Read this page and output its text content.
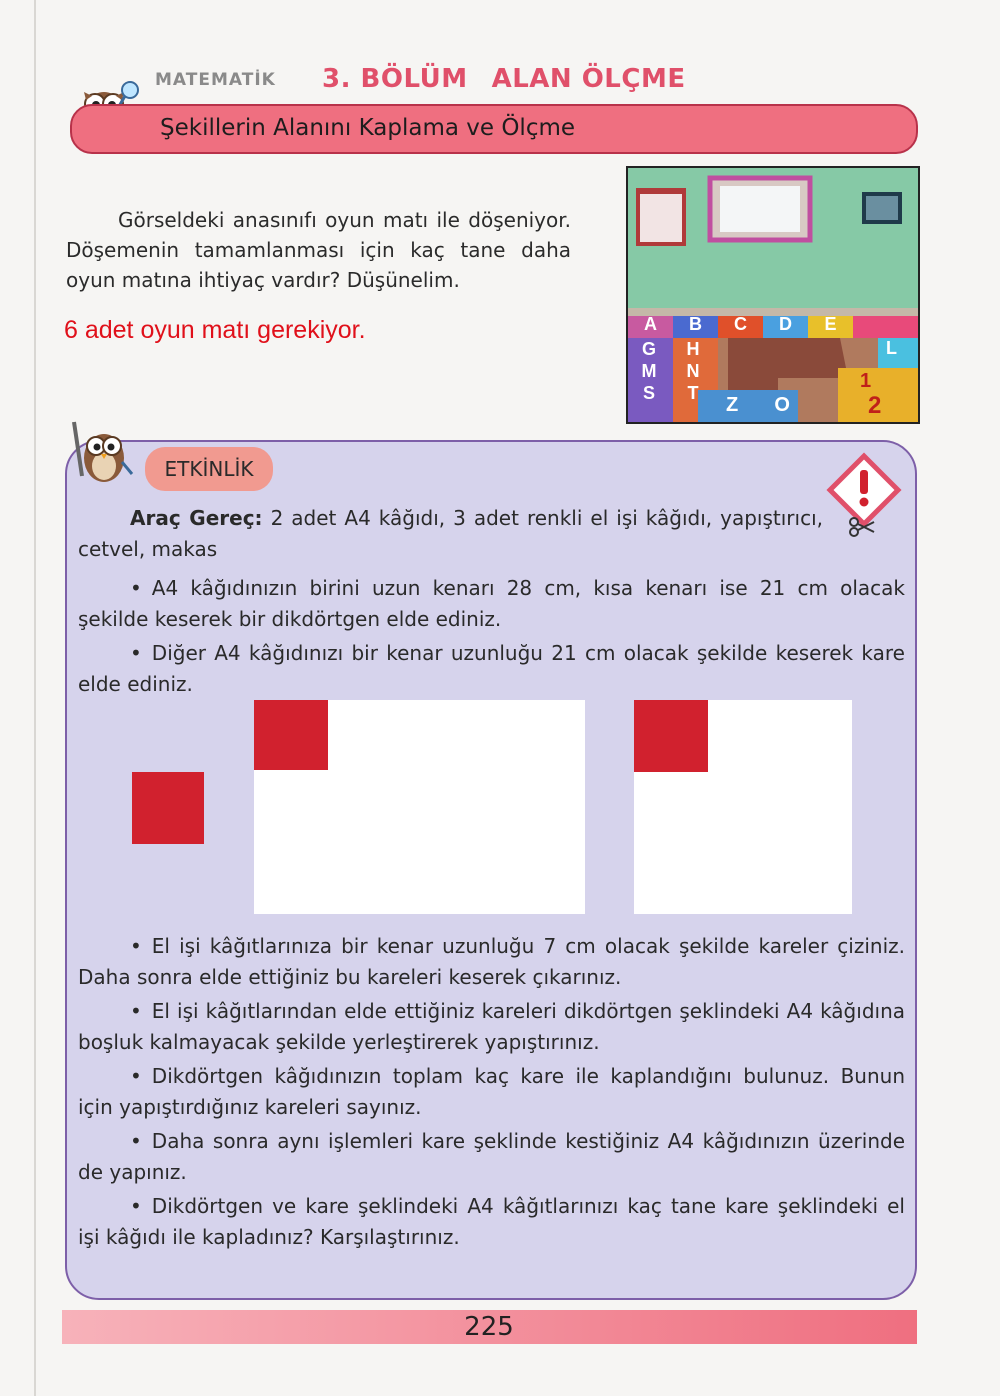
MATEMATİK 3. BÖLÜM ALAN ÖLÇME
Şekillerin Alanını Kaplama ve Ölçme
Görseldeki anasınıfı oyun matı ile döşeniyor. Döşemenin tamamlanması için kaç tane daha oyun matına ihtiyaç vardır? Düşünelim.
6 adet oyun matı gerekiyor.	A	B	C	D	E
G
M
S
H
N
T
Z O
L
1
2
ETKİNLİK
Araç Gereç: 2 adet A4 kâğıdı, 3 adet renkli el işi kâğıdı, yapıştırıcı, cetvel, makas
• A4 kâğıdınızın birini uzun kenarı 28 cm, kısa kenarı ise 21 cm olacak şekilde keserek bir dikdörtgen elde ediniz.
• Diğer A4 kâğıdınızı bir kenar uzunluğu 21 cm olacak şekilde keserek kare elde ediniz.
• El işi kâğıtlarınıza bir kenar uzunluğu 7 cm olacak şekilde kareler çiziniz. Daha sonra elde ettiğiniz bu kareleri keserek çıkarınız.
• El işi kâğıtlarından elde ettiğiniz kareleri dikdörtgen şeklindeki A4 kâğıdına boşluk kalmayacak şekilde yerleştirerek yapıştırınız.
• Dikdörtgen kâğıdınızın toplam kaç kare ile kaplandığını bulunuz. Bunun için yapıştırdığınız kareleri sayınız.
• Daha sonra aynı işlemleri kare şeklinde kestiğiniz A4 kâğıdınızın üzerinde de yapınız.
• Dikdörtgen ve kare şeklindeki A4 kâğıtlarınızı kaç tane kare şeklindeki el işi kâğıdı ile kapladınız? Karşılaştırınız.
225
